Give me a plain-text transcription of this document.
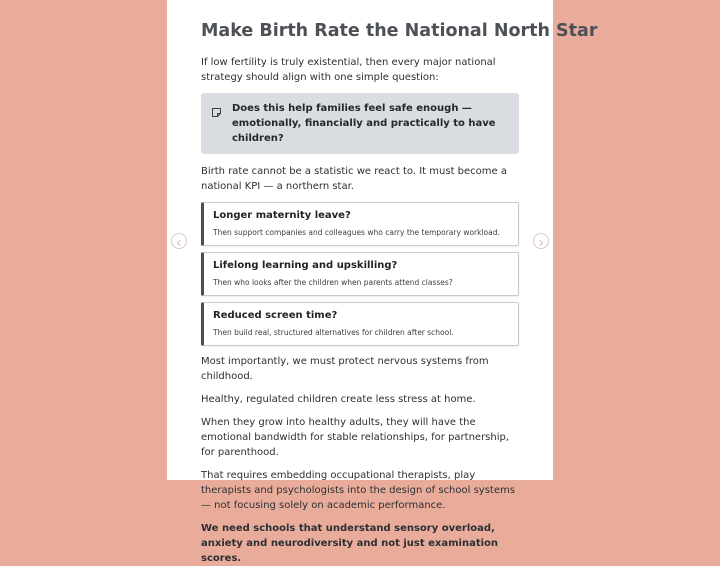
Make Birth Rate the National North Star
If low fertility is truly existential, then every major national strategy should align with one simple question:
Does this help families feel safe enough — emotionally, financially and practically to have children?
Birth rate cannot be a statistic we react to. It must become a national KPI — a northern star.
Longer maternity leave?
Then support companies and colleagues who carry the temporary workload.
Lifelong learning and upskilling?
Then who looks after the children when parents attend classes?
Reduced screen time?
Then build real, structured alternatives for children after school.
Most importantly, we must protect nervous systems from childhood.
Healthy, regulated children create less stress at home.
When they grow into healthy adults, they will have the emotional bandwidth for stable relationships, for partnership, for parenthood.
That requires embedding occupational therapists, play therapists and psychologists into the design of school systems — not focusing solely on academic performance.
We need schools that understand sensory overload, anxiety and neurodiversity and not just examination scores.
